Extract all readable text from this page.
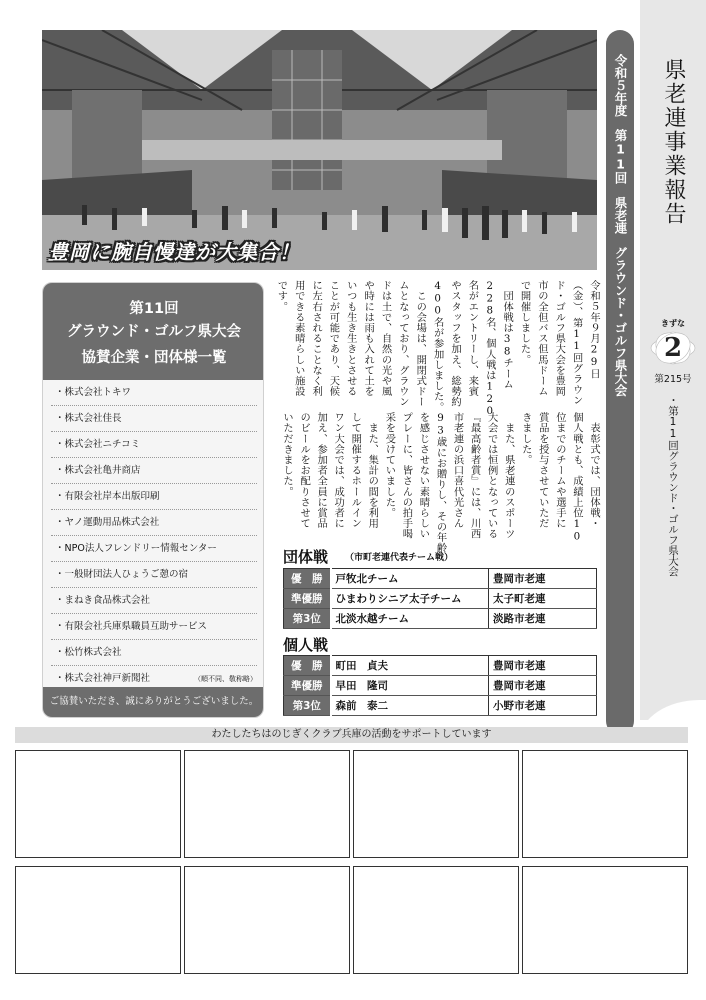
豊岡に腕自慢達が大集合！	令和５年度　第11回　県老連　グラウンド・ゴルフ県大会 県老連事業報告
きずな
2
第215号
・第11回グラウンド・ゴルフ県大会
第11回
グラウンド・ゴルフ県大会
協賛企業・団体様一覧
・株式会社トキワ
・株式会社佳長
・株式会社ニチコミ
・株式会社亀井商店
・有限会社岸本出版印刷
・ヤノ運動用品株式会社
・NPO法人フレンドリー情報センター
・一般財団法人ひょうご憩の宿
・まねき食品株式会社
・有限会社兵庫県職員互助サービス
・松竹株式会社
・株式会社神戸新聞社	（順不同、敬称略）
ご協賛いただき、誠にありがとうございました。
団体戦 （市町老連代表チーム戦）
優　勝	戸牧北チーム	豊岡市老連
準優勝	ひまわりシニア太子チーム	太子町老連
第3位	北淡水越チーム	淡路市老連
個人戦
優　勝	町田　貞夫	豊岡市老連
準優勝	早田　隆司	豊岡市老連
第3位	森前　泰二	小野市老連
わたしたちはのじぎくクラブ兵庫の活動をサポートしています
令和５年９月29日
（金）、第11回グラウン
ド・ゴルフ県大会を豊岡
市の全但バス但馬ドーム
で開催しました。
　団体戦は38チーム
228名、個人戦は120
名がエントリーし、来賓
やスタッフを加え、総勢約
400名が参加しました。
　この会場は、開閉式ドー
ムとなっており、グラウン
ドは土で、自然の光や風
や時には雨も入れて土を
いつも生き生きとさせる
ことが可能であり、天候
に左右されることなく利
用できる素晴らしい施設
です。
　表彰式では、団体戦・
個人戦とも、成績上位10
位までのチームや選手に
賞品を授与させていただ
きました。
　また、県老連のスポーツ
大会では恒例となっている
『最高齢者賞』には、川西
市老連の浜口喜代光さん
93歳にお贈りし、その年齢
を感じさせない素晴らしい
プレーに、皆さんの拍手喝
采を受けていました。
　また、集計の間を利用
して開催するホールイン
ワン大会では、成功者に
加え、参加者全員に賞品
のビールをお配りさせて
いただきました。
